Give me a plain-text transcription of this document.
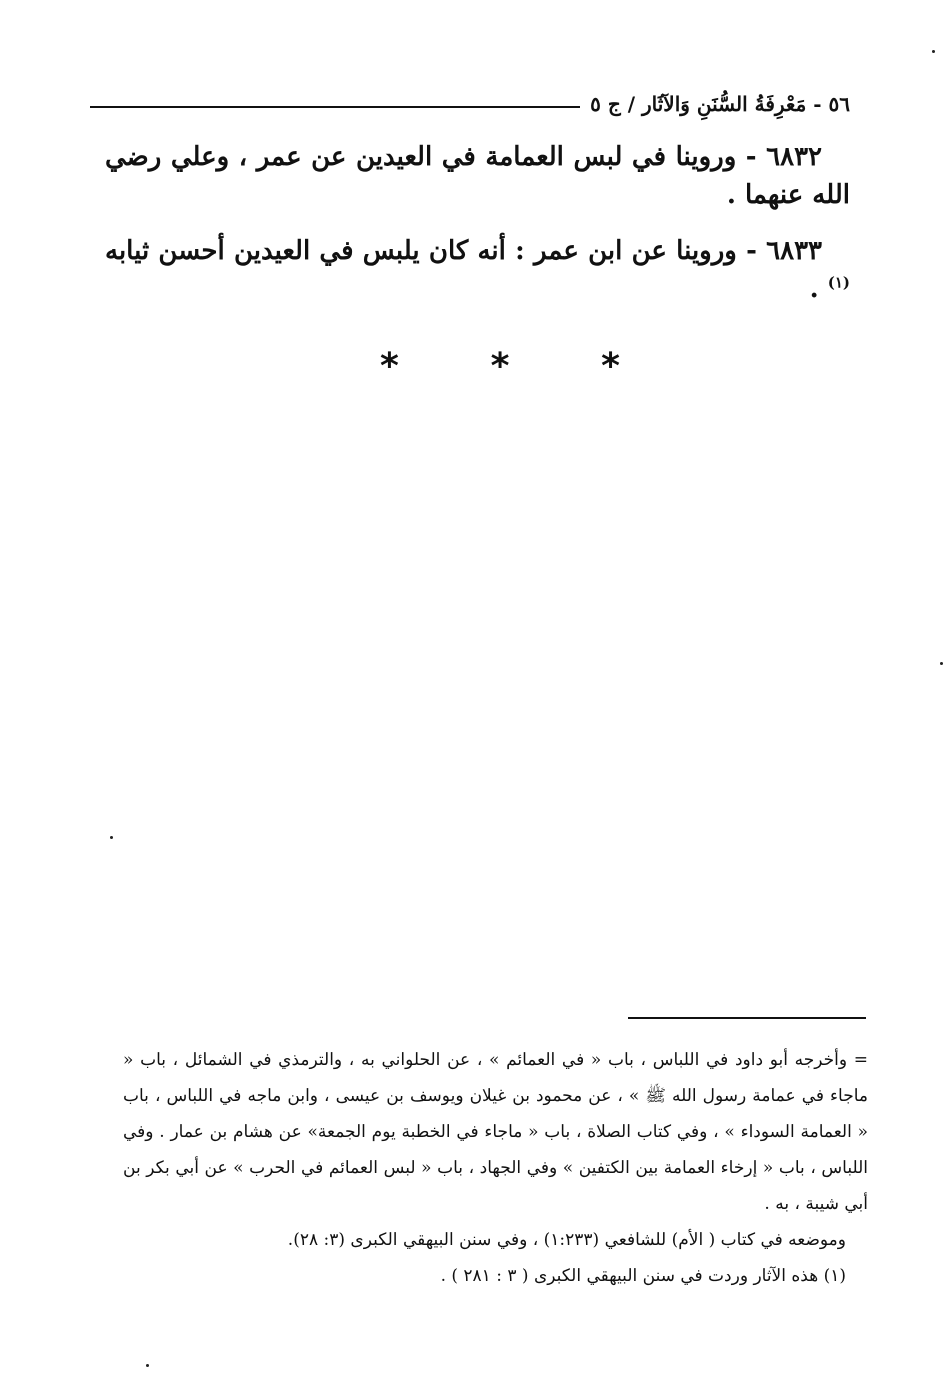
٥٦ - مَعْرِفَةُ السُّنَنِ وَالآثَار / ج ٥

٦٨٣٢ - وروينا في لبس العمامة في العيدين عن عمر ، وعلي رضي الله عنهما .

٦٨٣٣ - وروينا عن ابن عمر : أنه كان يلبس في العيدين أحسن ثيابه $^{(١)}$ .

*	*	*

= وأخرجه أبو داود في اللباس ، باب « في العمائم » ، عن الحلواني به ، والترمذي في الشمائل ، باب « ماجاء في عمامة رسول الله ﷺ » ، عن محمود بن غيلان ويوسف بن عيسى ، وابن ماجه في اللباس ، باب « العمامة السوداء » ، وفي كتاب الصلاة ، باب « ماجاء في الخطبة يوم الجمعة» عن هشام بن عمار . وفي اللباس ، باب « إرخاء العمامة بين الكتفين » وفي الجهاد ، باب « لبس العمائم في الحرب » عن أبي بكر بن أبي شيبة ، به .

وموضعه في كتاب ( الأم) للشافعي (١:٢٣٣) ، وفي سنن البيهقي الكبرى (٣: ٢٨).

(١) هذه الآثار وردت في سنن البيهقي الكبرى ( ٣ : ٢٨١ ) .
